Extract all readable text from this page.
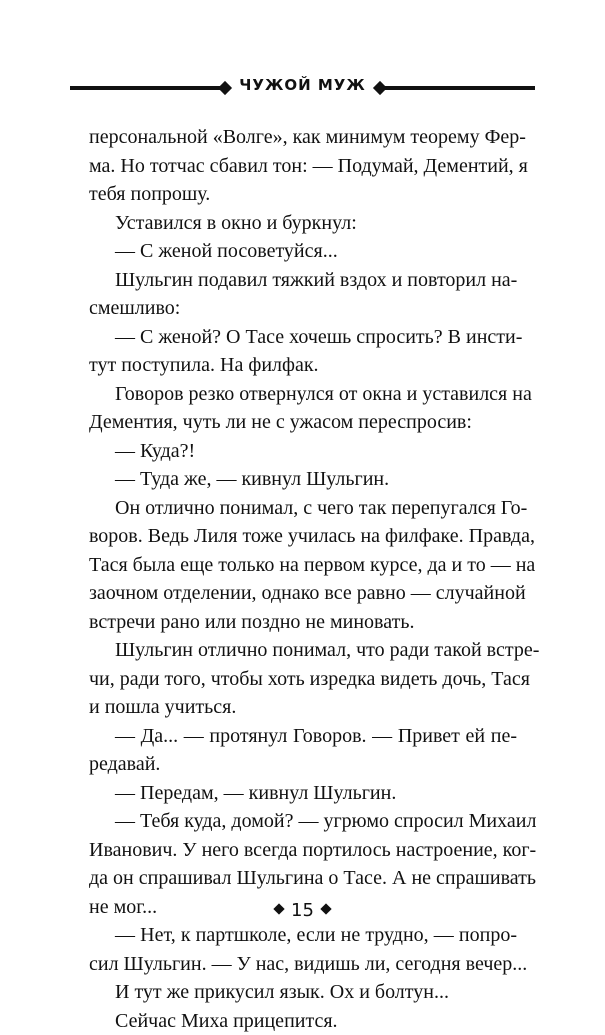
ЧУЖОЙ МУЖ
персональной «Волге», как минимум теорему Фер-
ма. Но тотчас сбавил тон: — Подумай, Дементий, я
тебя попрошу.
Уставился в окно и буркнул:
— С женой посоветуйся...
Шульгин подавил тяжкий вздох и повторил на-
смешливо:
— С женой? О Тасе хочешь спросить? В инсти-
тут поступила. На филфак.
Говоров резко отвернулся от окна и уставился на
Дементия, чуть ли не с ужасом переспросив:
— Куда?!
— Туда же, — кивнул Шульгин.
Он отлично понимал, с чего так перепугался Го-
воров. Ведь Лиля тоже училась на филфаке. Правда,
Тася была еще только на первом курсе, да и то — на
заочном отделении, однако все равно — случайной
встречи рано или поздно не миновать.
Шульгин отлично понимал, что ради такой встре-
чи, ради того, чтобы хоть изредка видеть дочь, Тася
и пошла учиться.
— Да... — протянул Говоров. — Привет ей пе-
редавай.
— Передам, — кивнул Шульгин.
— Тебя куда, домой? — угрюмо спросил Михаил
Иванович. У него всегда портилось настроение, ког-
да он спрашивал Шульгина о Тасе. А не спрашивать
не мог...
— Нет, к партшколе, если не трудно, — попро-
сил Шульгин. — У нас, видишь ли, сегодня вечер...
И тут же прикусил язык. Ох и болтун...
Сейчас Миха прицепится.
15
